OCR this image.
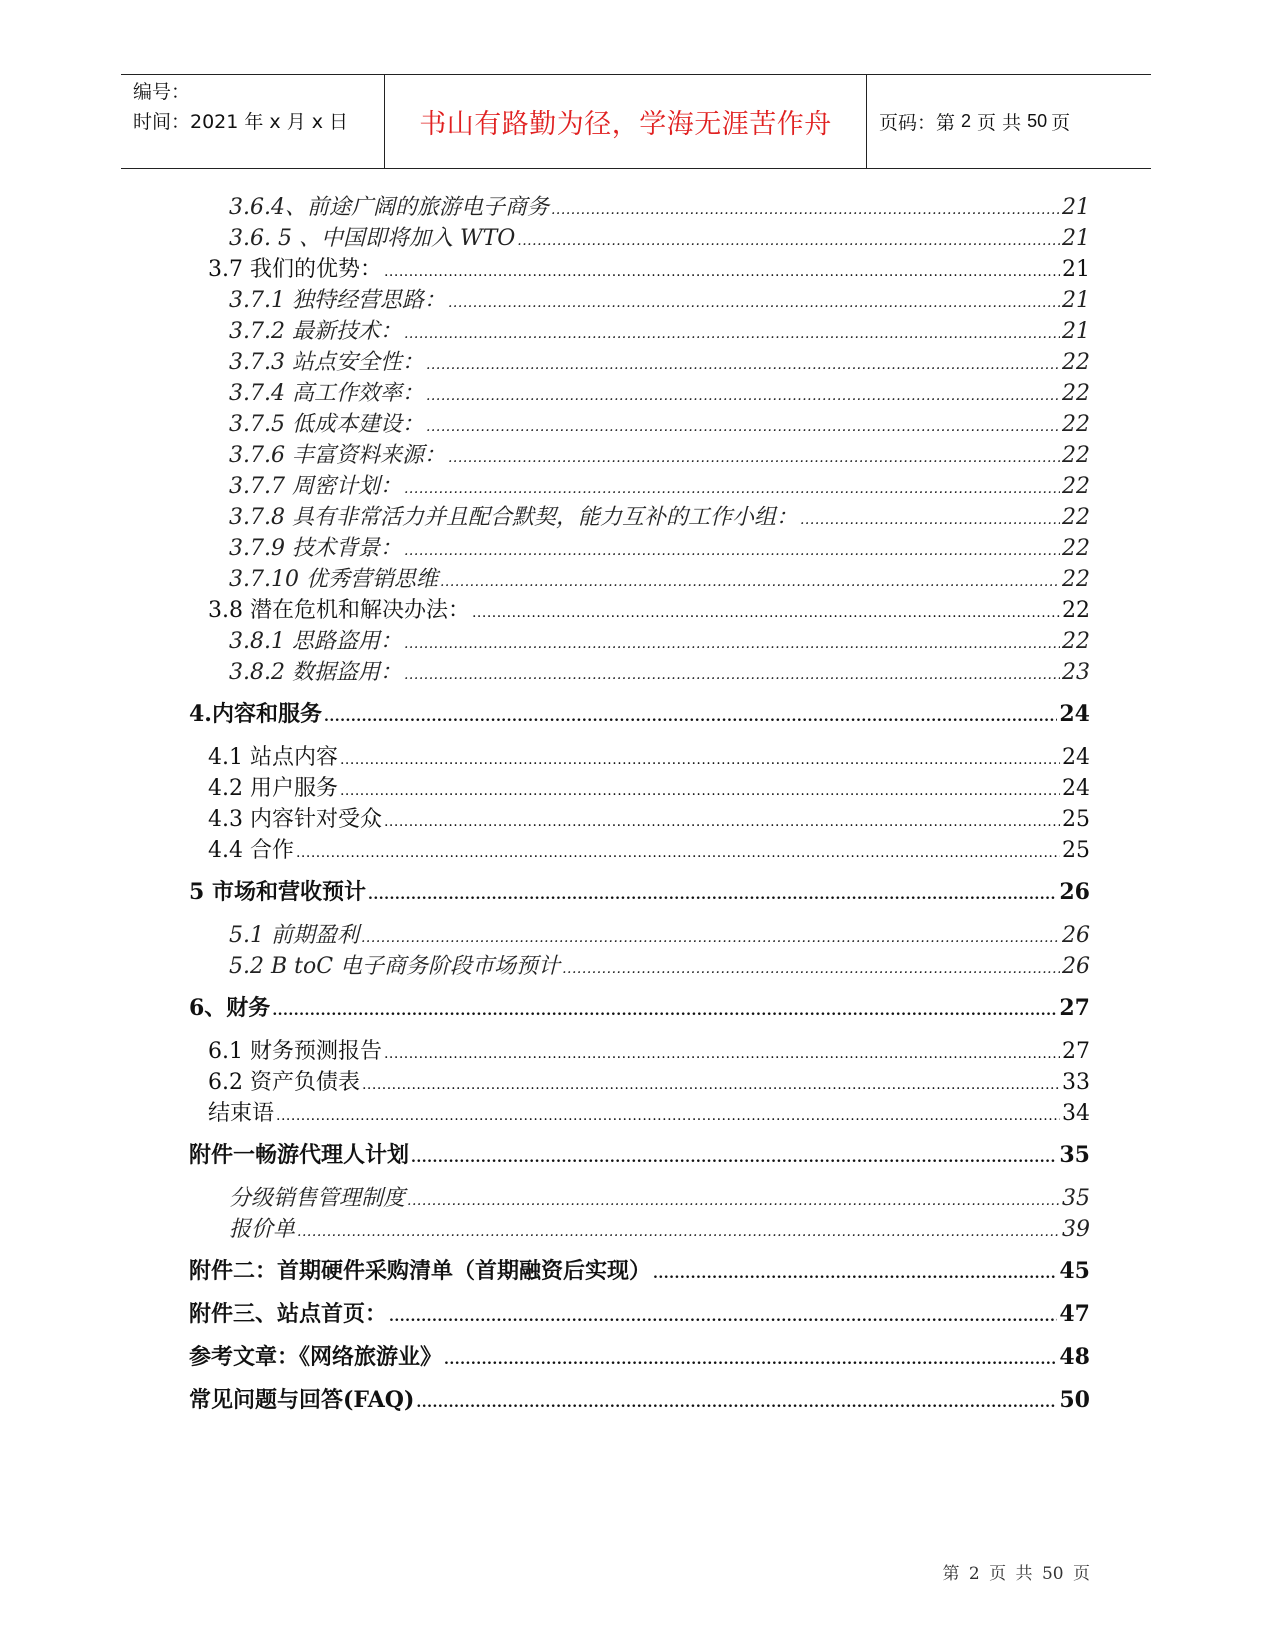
编号：
时间：2021 年 x 月 x 日	书山有路勤为径，学海无涯苦作舟 页码：第 2 页 共 50 页
3.6.4、前途广阔的旅游电子商务 .....	21
3.6. 5 、中国即将加入 WTO .....	21
3.7 我们的优势： .....	21
3.7.1 独特经营思路： .....	21
3.7.2 最新技术： .....	21
3.7.3 站点安全性： .....	22
3.7.4 高工作效率： .....	22
3.7.5 低成本建设： .....	22
3.7.6 丰富资料来源： .....	22
3.7.7 周密计划： .....	22
3.7.8 具有非常活力并且配合默契，能力互补的工作小组： .....	22
3.7.9 技术背景： .....	22
3.7.10 优秀营销思维 .....	22
3.8 潜在危机和解决办法： .....	22
3.8.1 思路盗用： .....	22
3.8.2 数据盗用： .....	23
4.内容和服务 .....	24
4.1 站点内容 .....	24
4.2 用户服务 .....	24
4.3 内容针对受众 .....	25
4.4 合作 .....	25
5 市场和营收预计 .....	26
5.1 前期盈利 .....	26
5.2 B toC 电子商务阶段市场预计 .....	26
6、财务 .....	27
6.1 财务预测报告 .....	27
6.2 资产负债表 .....	33
结束语 .....	34
附件一畅游代理人计划 .....	35
分级销售管理制度 .....	35
报价单 .....	39
附件二：首期硬件采购清单（首期融资后实现） .....	45
附件三、站点首页： .....	47
参考文章：《网络旅游业》 .....	48
常见问题与回答(FAQ) .....	50
第 2 页 共 50 页
